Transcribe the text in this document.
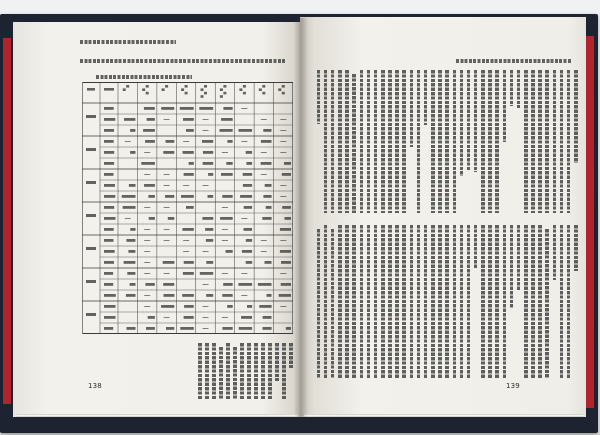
138	139
